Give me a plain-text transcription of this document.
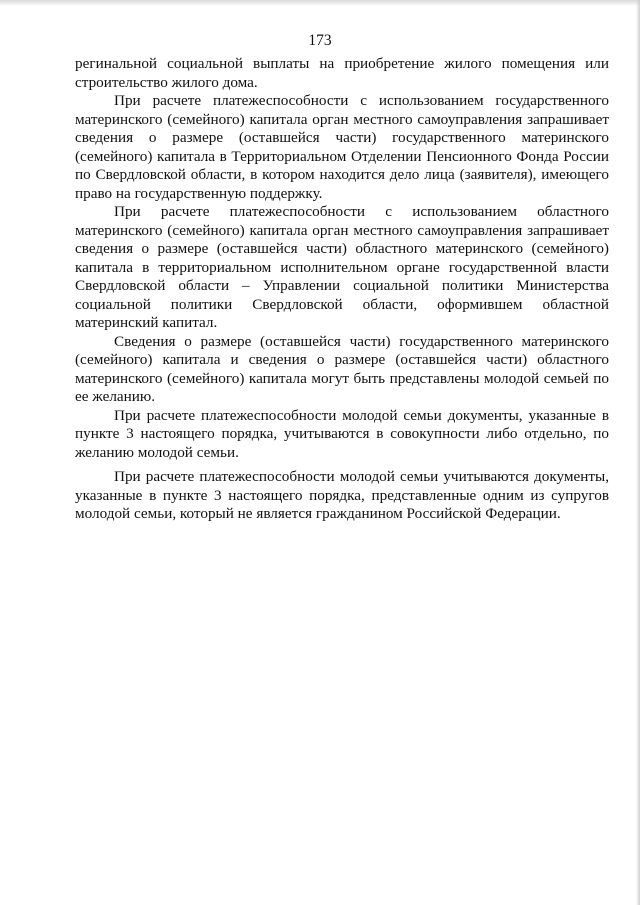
173

регинальной социальной выплаты на приобретение жилого помещения или строительство жилого дома.

При расчете платежеспособности с использованием государственного материнского (семейного) капитала орган местного самоуправления запрашивает сведения о размере (оставшейся части) государственного материнского (семейного) капитала в Территориальном Отделении Пенсионного Фонда России по Свердловской области, в котором находится дело лица (заявителя), имеющего право на государственную поддержку.

При расчете платежеспособности с использованием областного материнского (семейного) капитала орган местного самоуправления запрашивает сведения о размере (оставшейся части) областного материнского (семейного) капитала в территориальном исполнительном органе государственной власти Свердловской области – Управлении социальной политики Министерства социальной политики Свердловской области, оформившем областной материнский капитал.

Сведения о размере (оставшейся части) государственного материнского (семейного) капитала и сведения о размере (оставшейся части) областного материнского (семейного) капитала могут быть представлены молодой семьей по ее желанию.

При расчете платежеспособности молодой семьи документы, указанные в пункте 3 настоящего порядка, учитываются в совокупности либо отдельно, по желанию молодой семьи.

При расчете платежеспособности молодой семьи учитываются документы, указанные в пункте 3 настоящего порядка, представленные одним из супругов молодой семьи, который не является гражданином Российской Федерации.
